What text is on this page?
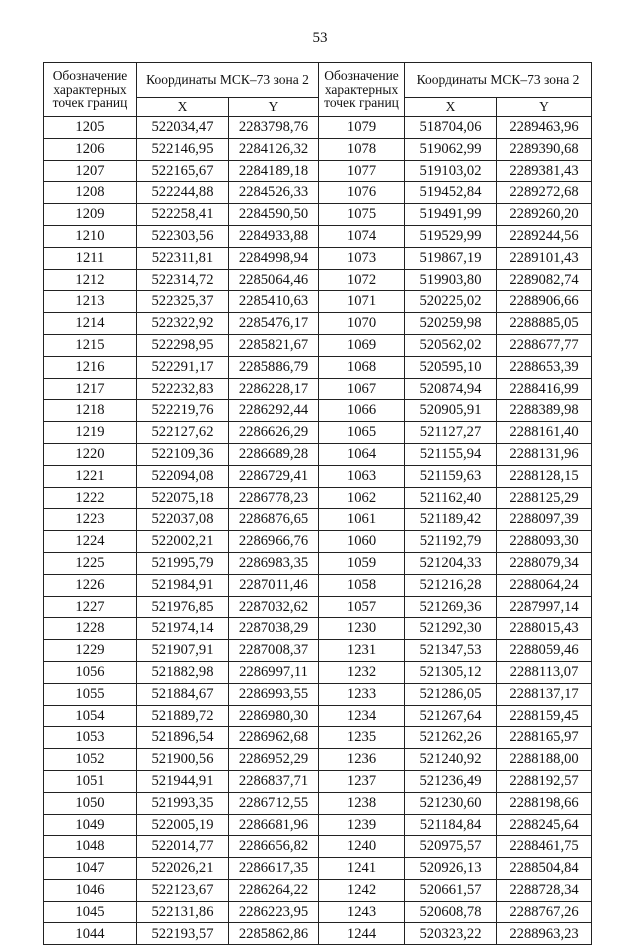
53
Обозначение характерных точек границ	Координаты МСК–73 зона 2		Обозначение характерных точек границ	Координаты МСК–73 зона 2	
	X	Y		X	Y
1205	522034,47	2283798,76	1079	518704,06	2289463,96
1206	522146,95	2284126,32	1078	519062,99	2289390,68
1207	522165,67	2284189,18	1077	519103,02	2289381,43
1208	522244,88	2284526,33	1076	519452,84	2289272,68
1209	522258,41	2284590,50	1075	519491,99	2289260,20
1210	522303,56	2284933,88	1074	519529,99	2289244,56
1211	522311,81	2284998,94	1073	519867,19	2289101,43
1212	522314,72	2285064,46	1072	519903,80	2289082,74
1213	522325,37	2285410,63	1071	520225,02	2288906,66
1214	522322,92	2285476,17	1070	520259,98	2288885,05
1215	522298,95	2285821,67	1069	520562,02	2288677,77
1216	522291,17	2285886,79	1068	520595,10	2288653,39
1217	522232,83	2286228,17	1067	520874,94	2288416,99
1218	522219,76	2286292,44	1066	520905,91	2288389,98
1219	522127,62	2286626,29	1065	521127,27	2288161,40
1220	522109,36	2286689,28	1064	521155,94	2288131,96
1221	522094,08	2286729,41	1063	521159,63	2288128,15
1222	522075,18	2286778,23	1062	521162,40	2288125,29
1223	522037,08	2286876,65	1061	521189,42	2288097,39
1224	522002,21	2286966,76	1060	521192,79	2288093,30
1225	521995,79	2286983,35	1059	521204,33	2288079,34
1226	521984,91	2287011,46	1058	521216,28	2288064,24
1227	521976,85	2287032,62	1057	521269,36	2287997,14
1228	521974,14	2287038,29	1230	521292,30	2288015,43
1229	521907,91	2287008,37	1231	521347,53	2288059,46
1056	521882,98	2286997,11	1232	521305,12	2288113,07
1055	521884,67	2286993,55	1233	521286,05	2288137,17
1054	521889,72	2286980,30	1234	521267,64	2288159,45
1053	521896,54	2286962,68	1235	521262,26	2288165,97
1052	521900,56	2286952,29	1236	521240,92	2288188,00
1051	521944,91	2286837,71	1237	521236,49	2288192,57
1050	521993,35	2286712,55	1238	521230,60	2288198,66
1049	522005,19	2286681,96	1239	521184,84	2288245,64
1048	522014,77	2286656,82	1240	520975,57	2288461,75
1047	522026,21	2286617,35	1241	520926,13	2288504,84
1046	522123,67	2286264,22	1242	520661,57	2288728,34
1045	522131,86	2286223,95	1243	520608,78	2288767,26
1044	522193,57	2285862,86	1244	520323,22	2288963,23
